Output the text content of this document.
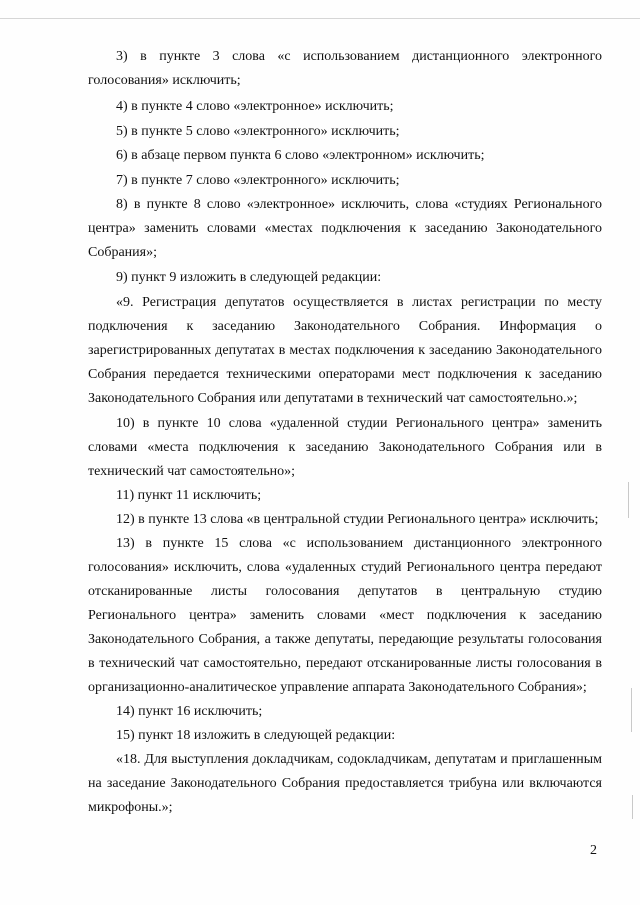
3) в пункте 3 слова «с использованием дистанционного электронного голосования» исключить;

4) в пункте 4 слово «электронное» исключить;

5) в пункте 5 слово «электронного» исключить;

6) в абзаце первом пункта 6 слово «электронном» исключить;

7) в пункте 7 слово «электронного» исключить;

8) в пункте 8 слово «электронное» исключить, слова «студиях Регионального центра» заменить словами «местах подключения к заседанию Законодательного Собрания»;

9) пункт 9 изложить в следующей редакции:

«9. Регистрация депутатов осуществляется в листах регистрации по месту подключения к заседанию Законодательного Собрания. Информация о зарегистрированных депутатах в местах подключения к заседанию Законодательного Собрания передается техническими операторами мест подключения к заседанию Законодательного Собрания или депутатами в технический чат самостоятельно.»;

10) в пункте 10 слова «удаленной студии Регионального центра» заменить словами «места подключения к заседанию Законодательного Собрания или в технический чат самостоятельно»;

11) пункт 11 исключить;

12) в пункте 13 слова «в центральной студии Регионального центра» исключить;

13) в пункте 15 слова «с использованием дистанционного электронного голосования» исключить, слова «удаленных студий Регионального центра передают отсканированные листы голосования депутатов в центральную студию Регионального центра» заменить словами «мест подключения к заседанию Законодательного Собрания, а также депутаты, передающие результаты голосования в технический чат самостоятельно, передают отсканированные листы голосования в организационно-аналитическое управление аппарата Законодательного Собрания»;

14) пункт 16 исключить;

15) пункт 18 изложить в следующей редакции:

«18. Для выступления докладчикам, содокладчикам, депутатам и приглашенным на заседание Законодательного Собрания предоставляется трибуна или включаются микрофоны.»;

2
